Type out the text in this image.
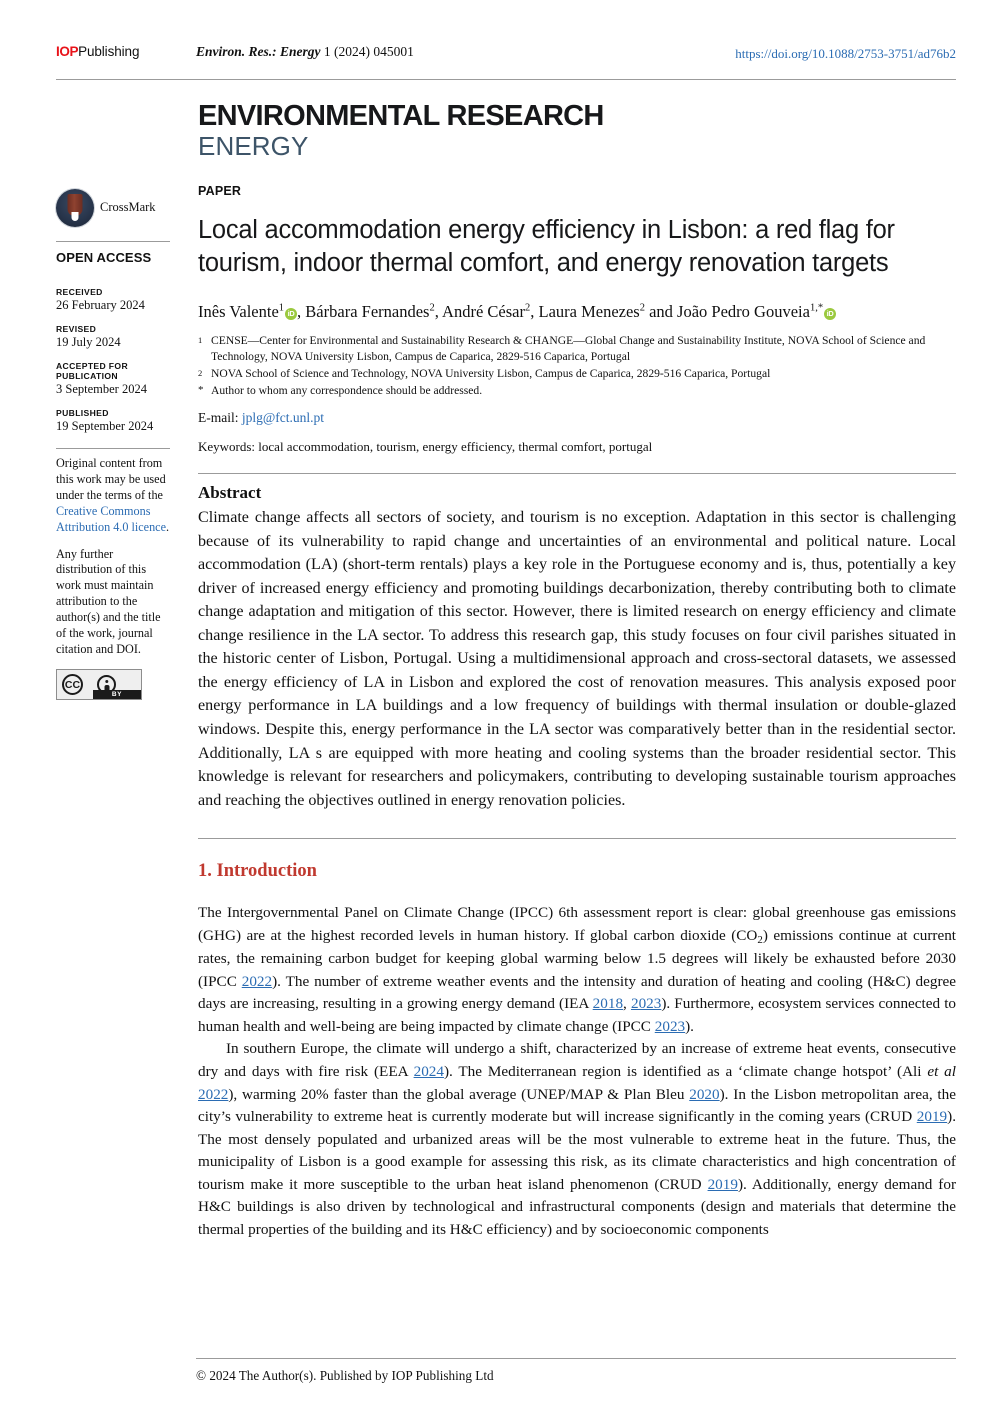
IOPPublishing	Environ. Res.: Energy 1 (2024) 045001	https://doi.org/10.1088/2753-3751/ad76b2
ENVIRONMENTAL RESEARCH
ENERGY
CrossMark
OPEN ACCESS
RECEIVED
26 February 2024
REVISED
19 July 2024
ACCEPTED FOR PUBLICATION
3 September 2024
PUBLISHED
19 September 2024

Original content from this work may be used under the terms of the Creative Commons Attribution 4.0 licence.

Any further distribution of this work must maintain attribution to the author(s) and the title of the work, journal citation and DOI.

CC
BY
PAPER
Local accommodation energy efficiency in Lisbon: a red flag for tourism, indoor thermal comfort, and energy renovation targets
Inês Valente$^1$ iD , Bárbara Fernandes$^2$, André César$^2$, Laura Menezes$^2$ and João Pedro Gouveia$^{1,*}$ iD
1 CENSE—Center for Environmental and Sustainability Research & CHANGE—Global Change and Sustainability Institute, NOVA School of Science and Technology, NOVA University Lisbon, Campus de Caparica, 2829-516 Caparica, Portugal
2 NOVA School of Science and Technology, NOVA University Lisbon, Campus de Caparica, 2829-516 Caparica, Portugal
* Author to whom any correspondence should be addressed.
E-mail: jplg@fct.unl.pt
Keywords: local accommodation, tourism, energy efficiency, thermal comfort, portugal
Abstract

Climate change affects all sectors of society, and tourism is no exception. Adaptation in this sector is challenging because of its vulnerability to rapid change and uncertainties of an environmental and political nature. Local accommodation (LA) (short-term rentals) plays a key role in the Portuguese economy and is, thus, potentially a key driver of increased energy efficiency and promoting buildings decarbonization, thereby contributing both to climate change adaptation and mitigation of this sector. However, there is limited research on energy efficiency and climate change resilience in the LA sector. To address this research gap, this study focuses on four civil parishes situated in the historic center of Lisbon, Portugal. Using a multidimensional approach and cross-sectoral datasets, we assessed the energy efficiency of LA in Lisbon and explored the cost of renovation measures. This analysis exposed poor energy performance in LA buildings and a low frequency of buildings with thermal insulation or double-glazed windows. Despite this, energy performance in the LA sector was comparatively better than in the residential sector. Additionally, LA s are equipped with more heating and cooling systems than the broader residential sector. This knowledge is relevant for researchers and policymakers, contributing to developing sustainable tourism approaches and reaching the objectives outlined in energy renovation policies.

1. Introduction

The Intergovernmental Panel on Climate Change (IPCC) 6th assessment report is clear: global greenhouse gas emissions (GHG) are at the highest recorded levels in human history. If global carbon dioxide $(CO_2)$ emissions continue at current rates, the remaining carbon budget for keeping global warming below 1.5 degrees will likely be exhausted before 2030 (IPCC 2022). The number of extreme weather events and the intensity and duration of heating and cooling (H&C) degree days are increasing, resulting in a growing energy demand (IEA 2018, 2023). Furthermore, ecosystem services connected to human health and well-being are being impacted by climate change (IPCC 2023).

In southern Europe, the climate will undergo a shift, characterized by an increase of extreme heat events, consecutive dry and days with fire risk (EEA 2024). The Mediterranean region is identified as a ‘climate change hotspot’ (Ali et al 2022), warming 20% faster than the global average (UNEP/MAP & Plan Bleu 2020). In the Lisbon metropolitan area, the city’s vulnerability to extreme heat is currently moderate but will increase significantly in the coming years (CRUD 2019). The most densely populated and urbanized areas will be the most vulnerable to extreme heat in the future. Thus, the municipality of Lisbon is a good example for assessing this risk, as its climate characteristics and high concentration of tourism make it more susceptible to the urban heat island phenomenon (CRUD 2019). Additionally, energy demand for H&C buildings is also driven by technological and infrastructural components (design and materials that determine the thermal properties of the building and its H&C efficiency) and by socioeconomic components

© 2024 The Author(s). Published by IOP Publishing Ltd
